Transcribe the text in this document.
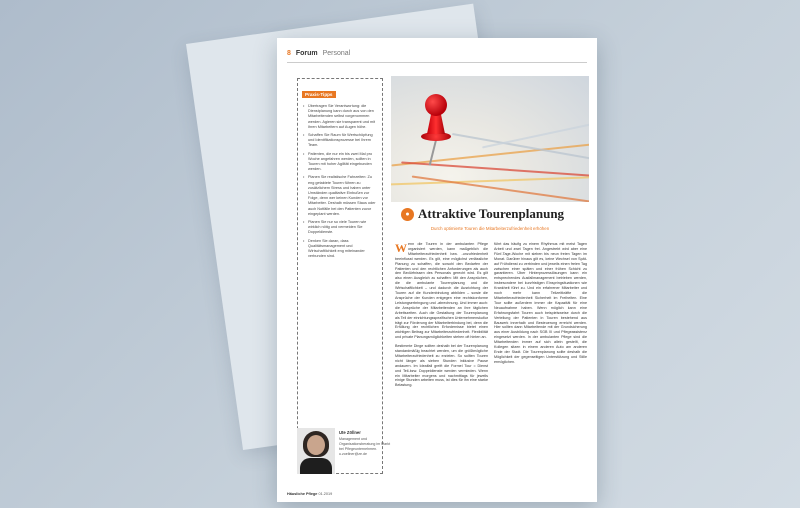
8 Forum Personal
Praxis-Tipps
• Übertragen Sie Verantwortung: die Dienstplanung kann durch aus von den Mitarbeitenden selbst vorgenommen werden. Agieren sie transparent und mit Ihren Mitarbeitern auf Augen höhe.
• Schaffen Sie Raum für Wertschöpfung und Identifikationsprozesse bei Ihrem Team.
• Patienten, die nur ein bis zwei Mal pro Woche angefahren werden, sollten in Touren mit hoher Agilität eingebunden werden.
• Planen Sie realistische Fahrzeiten: Zu eng getaktete Touren führen zu zusätzlichem Stress und haben unter Umständen qualitative Einbußen zur Folge, denn wer keinen Kunden vor Mitarbeiter. Deshalb müssen Staus oder auch Notfälle bei den Patienten zuvor eingeplant werden.
• Planen Sie nur so viele Touren wie wirklich nötig und vermeiden Sie Doppeldienste.
• Denken Sie daran, dass Qualitätsmanagement und Wirtschaftlichkeit eng miteinander verbunden sind.
● Attraktive Tourenplanung
Durch optimierte Touren die Mitarbeiterzufriedenheit erhöhen

Wenn die Touren in der ambulanten Pflege organisiert werden, kann maßgeblich die Mitarbeiterzufriedenheit bzw. -unzufriedenheit beeinflusst werden. Es gilt, eine möglichst verlässliche Planung zu schaffen, die sowohl den Bedarfen der Patienten und den rechtlichen Anforderungen als auch den Bedürfnissen des Personals gerecht wird. Es gilt also einen Ausgleich zu schaffen: Mit den Ansprüchen, die die ambulante Tourenplanung und die Wirtschaftlichkeit – und dadurch die Ausrichtung der Touren auf die Kundenbindung abbilden – sowie die Ansprüche der Kunden entgegen eine rechtskonforme Leistungserbringung und -abrechnung. Und immer auch: die Ansprüche der Mitarbeitenden an ihre täglichen Arbeitszeiten. Auch die Gestaltung der Tourenplanung als Teil der einrichtungsspezifischen Unternehmenskultur trägt zur Förderung der Mitarbeiterbindung bei, denn die Erfüllung der rechtlichen Erfordernisse bietet einen wichtigen Beitrag zur Mitarbeiterzufriedenheit. Flexibilität und private Planungsmöglichkeiten stehen oft hinten an.

Bestimmte Dinge sollten deshalb bei der Tourenplanung standardmäßig beachtet werden, um die größtmögliche Mitarbeiterzufriedenheit zu erzielen. So sollten Touren nicht länger als sieben Stunden inklusive Pause andauern. Im Idealfall greift die Formel Tour = Dienst und Teil-bzw. Doppeldienste werden vermieden. Wenn ein Mitarbeiter morgens und nachmittags für jeweils einige Stunden arbeiten muss, ist dies für ihn eine starke Belastung.

führt das häufig zu einem Rhythmus mit meist Tagen Arbeit und zwei Tagen frei. Angestrebt wird aber eine Fünf-Tage-Woche mit sieben bis neun freien Tagen im Monat. Darüber hinaus gilt es, keine Wechsel von Spät- auf Frühdienst zu verbinden und jeweils einen freien Tag zwischen einer späten und einer frühen Schicht zu garantieren. Über Hinterprozesslösungen kann ein entsprechendes Ausfallmanagement betrieben werden, insbesondere bei kurzfristigen Einspringsituationen wie Krankheit führt zu. Und ein erfahrener Mitarbeiter und noch mehr kann Teilzeitkräfte die Mitarbeiterzufriedenheit Sicherheit im Freiheiten. Eine Tour sollte außerdem immer die Kapazität für eine Neuaufnahme haben. Wenn möglich kann eine Erfahrungsfahrt Touren auch beispielsweise durch die Verteilung der Patienten in Touren bestehend aus Bauwerk innerhalb und Besteuerung erreicht werden. Hier sollten dann Mitarbeitende mit der Grundsicherung aus einer Ausbildung nach SGB XI und Pflegeassistenz eingesetzt werden. In der ambulanten Pflege sind die Mitarbeitenden immer auf sich allein gestellt, die Kollegen sitzen in einem anderen Auto am anderen Ende der Stadt. Die Tourenplanung sollte deshalb die Möglichkeit der gegenseitigen Unterstützung und Stille ermöglichen.

Ute Zöllner
Management und Organisationsberatung im Markt bei Pflegeunternehmen. u.zoellner@ze.de
Häusliche Pflege 01.2019
